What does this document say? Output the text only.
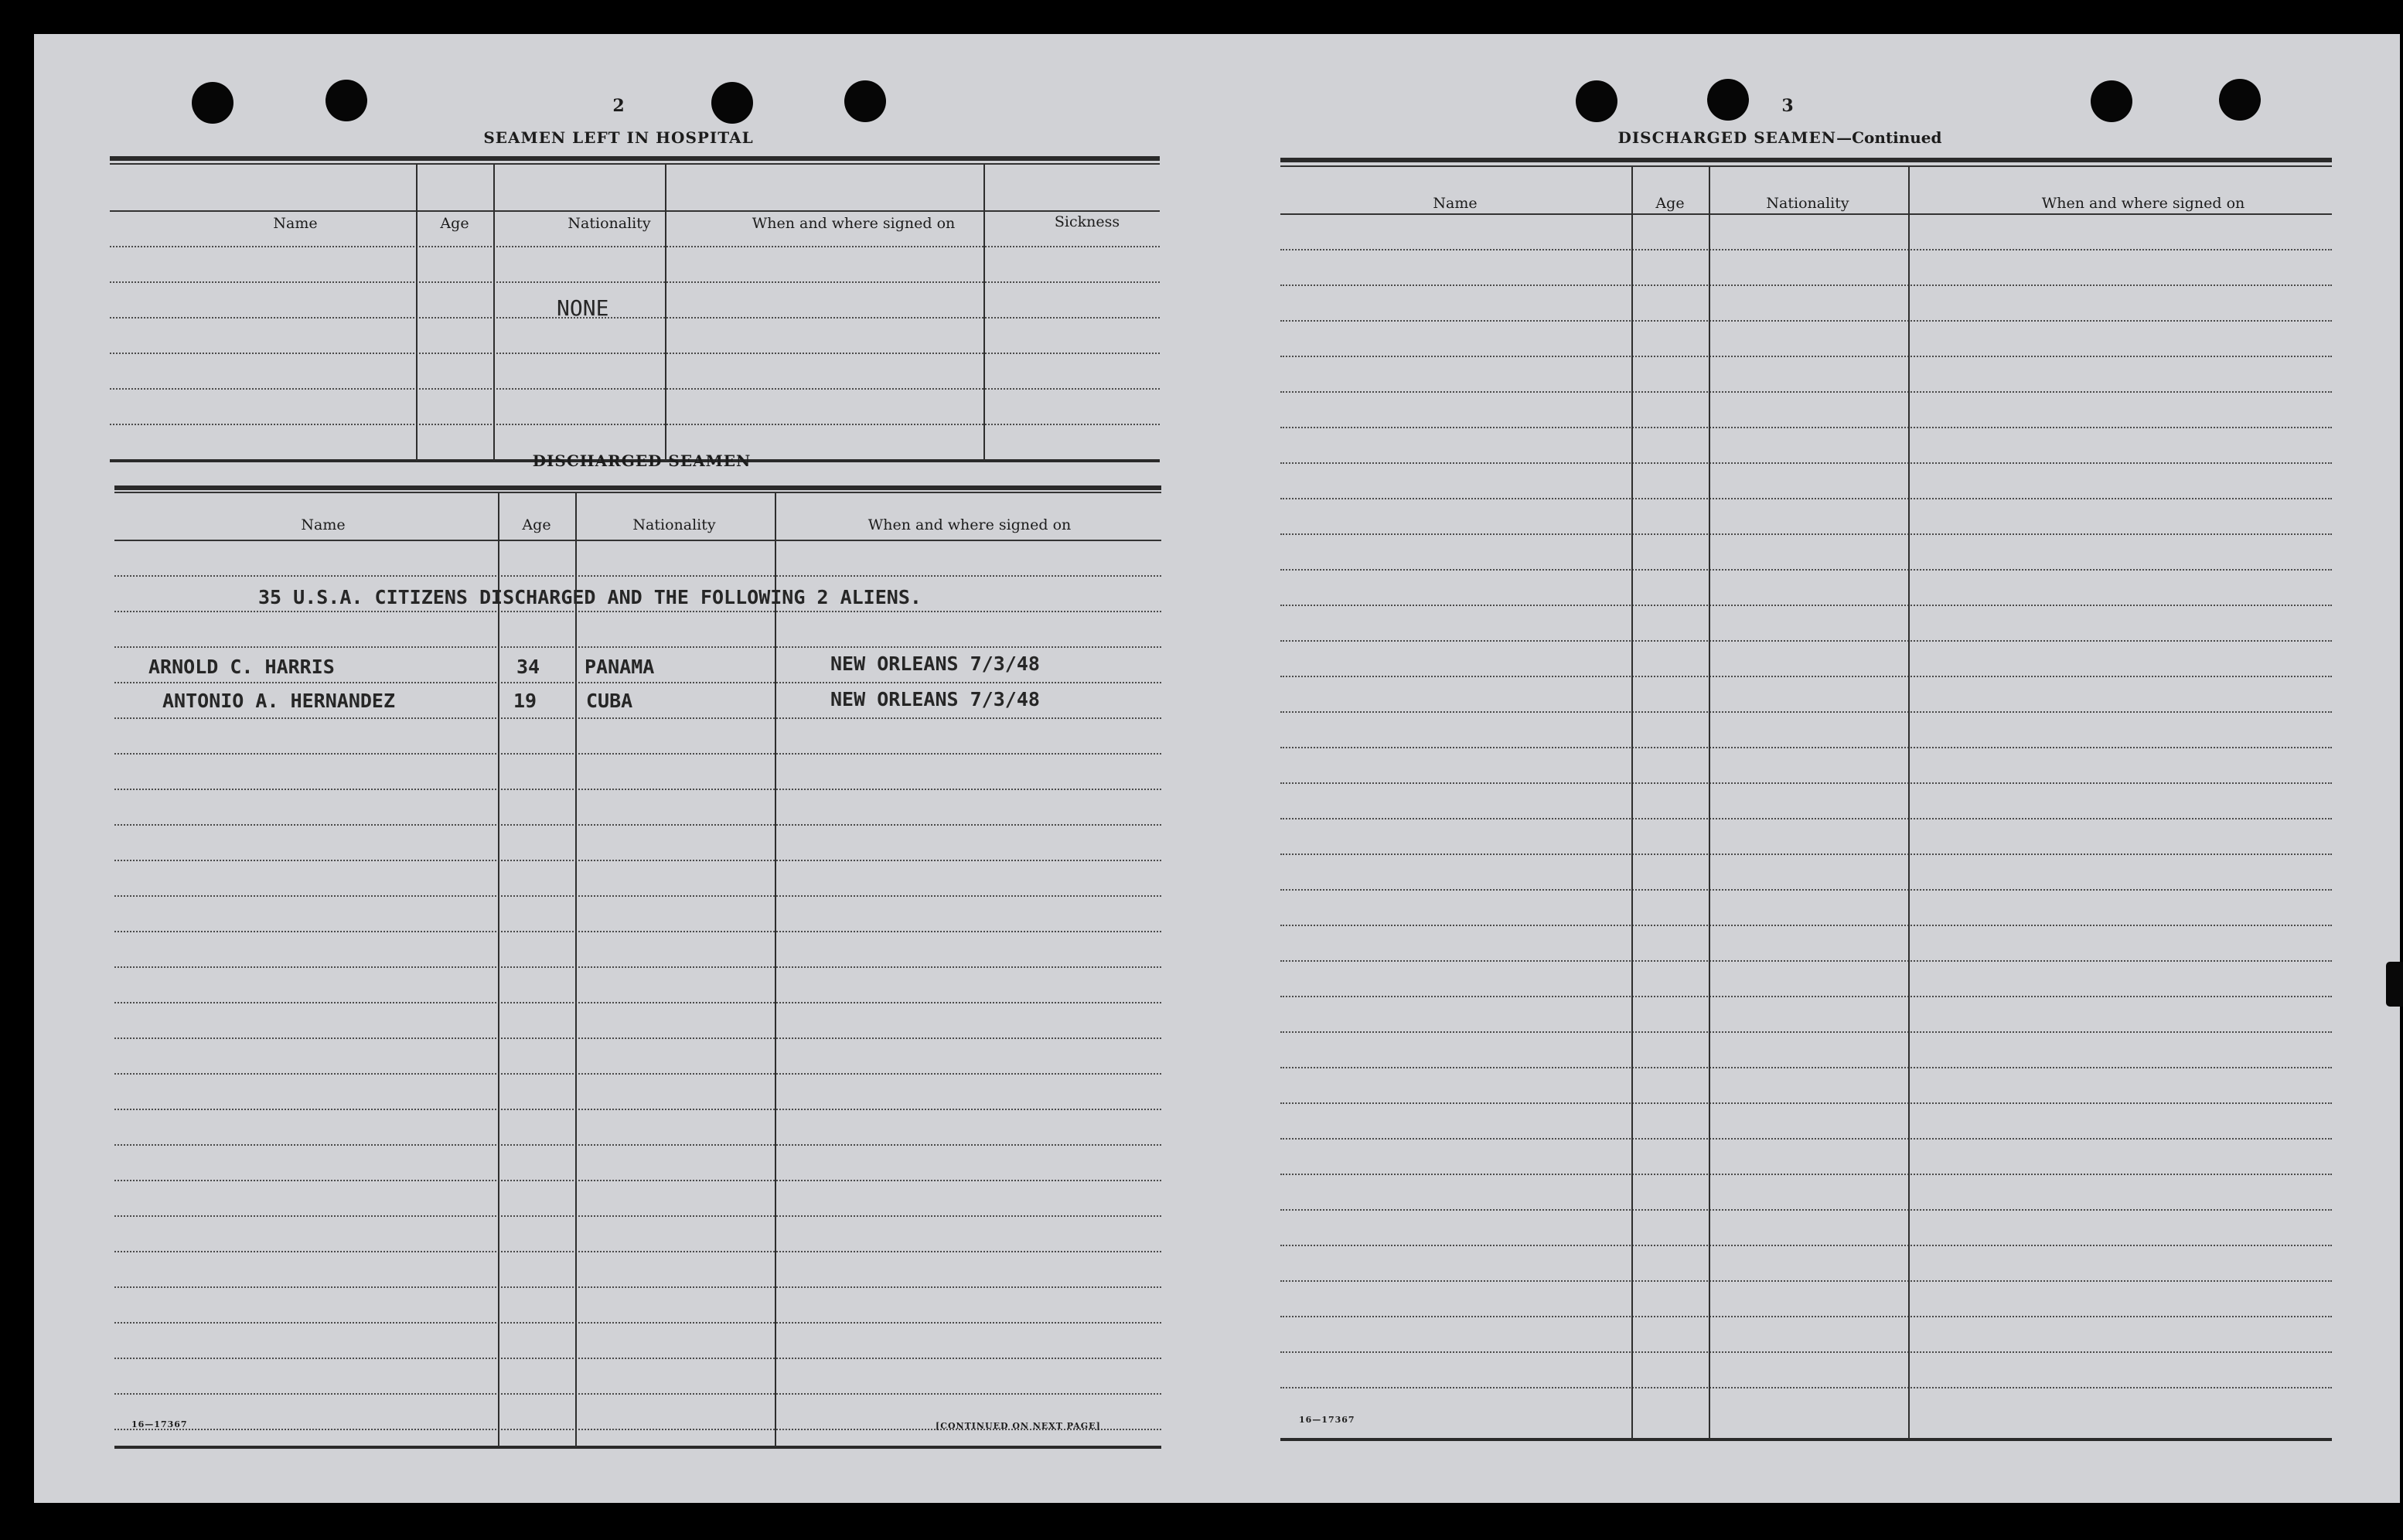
2
SEAMEN LEFT IN HOSPITAL
Name	Age	Nationality	When and where signed on	Sickness
NONE
DISCHARGED SEAMEN
Name	Age	Nationality	When and where signed on
35 U.S.A. CITIZENS DISCHARGED AND THE FOLLOWING 2 ALIENS.
ARNOLD C. HARRIS	34 PANAMA	NEW ORLEANS 7/3/48
ANTONIO A. HERNANDEZ	19	CUBA	NEW ORLEANS 7/3/48
16—17367	[CONTINUED ON NEXT PAGE]
3
DISCHARGED SEAMEN—Continued
Name	Age	Nationality	When and where signed on
16—17367
